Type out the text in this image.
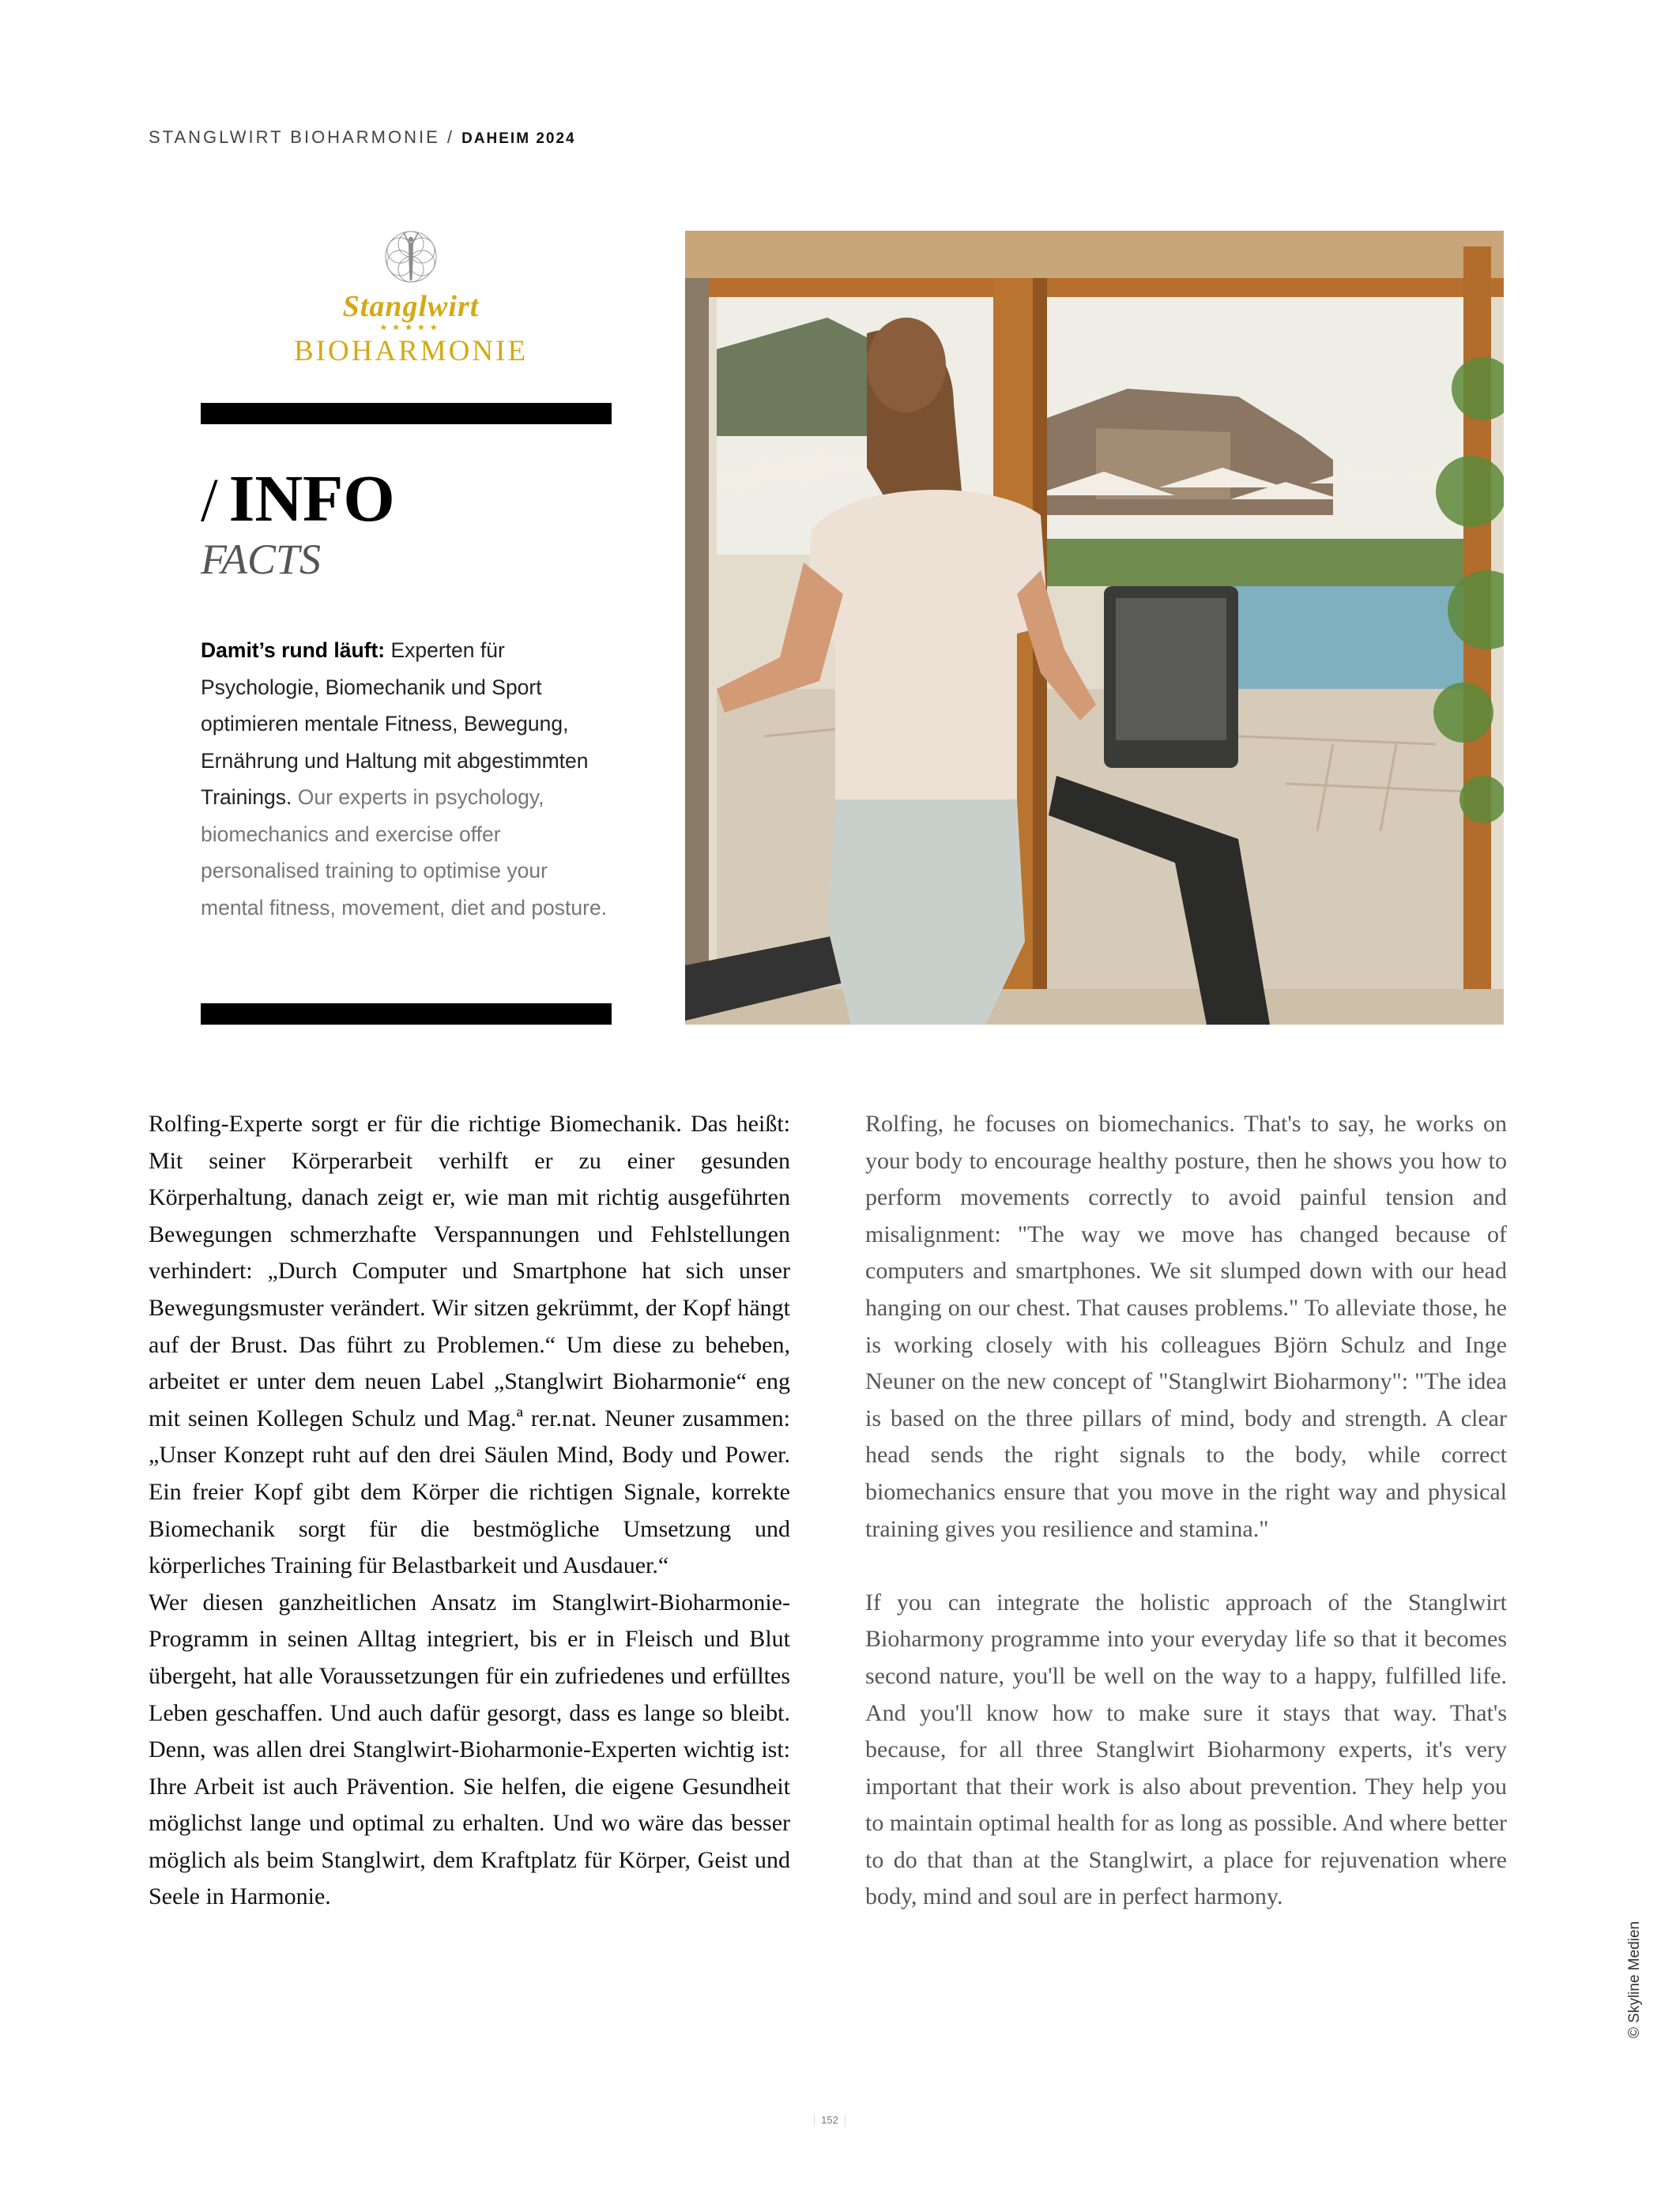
STANGLWIRT BIOHARMONIE / DAHEIM 2024
Stanglwirt
★★★★★
BIOHARMONIE
/ INFO
FACTS
Damit’s rund läuft: Experten für Psychologie, Biomechanik und Sport optimieren mentale Fitness, Bewegung, Ernährung und Haltung mit abgestimmten Trainings. Our experts in psychology, biomechanics and exercise offer personalised training to optimise your mental fitness, movement, diet and posture.

Rolfing-Experte sorgt er für die richtige Biomechanik. Das heißt: Mit seiner Körperarbeit verhilft er zu einer gesunden Körperhaltung, danach zeigt er, wie man mit richtig ausgeführten Bewegungen schmerzhafte Verspannungen und Fehlstellungen verhindert: „Durch Computer und Smartphone hat sich unser Bewegungsmuster verändert. Wir sitzen gekrümmt, der Kopf hängt auf der Brust. Das führt zu Problemen.“ Um diese zu beheben, arbeitet er unter dem neuen Label „Stanglwirt Bioharmonie“ eng mit seinen Kollegen Schulz und Mag.ª rer.nat. Neuner zusammen: „Unser Konzept ruht auf den drei Säulen Mind, Body und Power. Ein freier Kopf gibt dem Körper die richtigen Signale, korrekte Biomechanik sorgt für die bestmögliche Umsetzung und körperliches Training für Belastbarkeit und Ausdauer.“

Wer diesen ganzheitlichen Ansatz im Stanglwirt-Bioharmonie-Programm in seinen Alltag integriert, bis er in Fleisch und Blut übergeht, hat alle Voraussetzungen für ein zufriedenes und erfülltes Leben geschaffen. Und auch dafür gesorgt, dass es lange so bleibt. Denn, was allen drei Stanglwirt-Bioharmonie-Experten wichtig ist: Ihre Arbeit ist auch Prävention. Sie helfen, die eigene Gesundheit möglichst lange und optimal zu erhalten. Und wo wäre das besser möglich als beim Stanglwirt, dem Kraftplatz für Körper, Geist und Seele in Harmonie.

Rolfing, he focuses on biomechanics. That's to say, he works on your body to encourage healthy posture, then he shows you how to perform movements correctly to avoid painful tension and misalignment: "The way we move has changed because of computers and smartphones. We sit slumped down with our head hanging on our chest. That causes problems." To alleviate those, he is working closely with his colleagues Björn Schulz and Inge Neuner on the new concept of "Stanglwirt Bioharmony": "The idea is based on the three pillars of mind, body and strength. A clear head sends the right signals to the body, while correct biomechanics ensure that you move in the right way and physical training gives you resilience and stamina."

If you can integrate the holistic approach of the Stanglwirt Bioharmony programme into your everyday life so that it becomes second nature, you'll be well on the way to a happy, fulfilled life. And you'll know how to make sure it stays that way. That's because, for all three Stanglwirt Bioharmony experts, it's very important that their work is also about prevention. They help you to maintain optimal health for as long as possible. And where better to do that than at the Stanglwirt, a place for rejuvenation where body, mind and soul are in perfect harmony.

152
© Skyline Medien
